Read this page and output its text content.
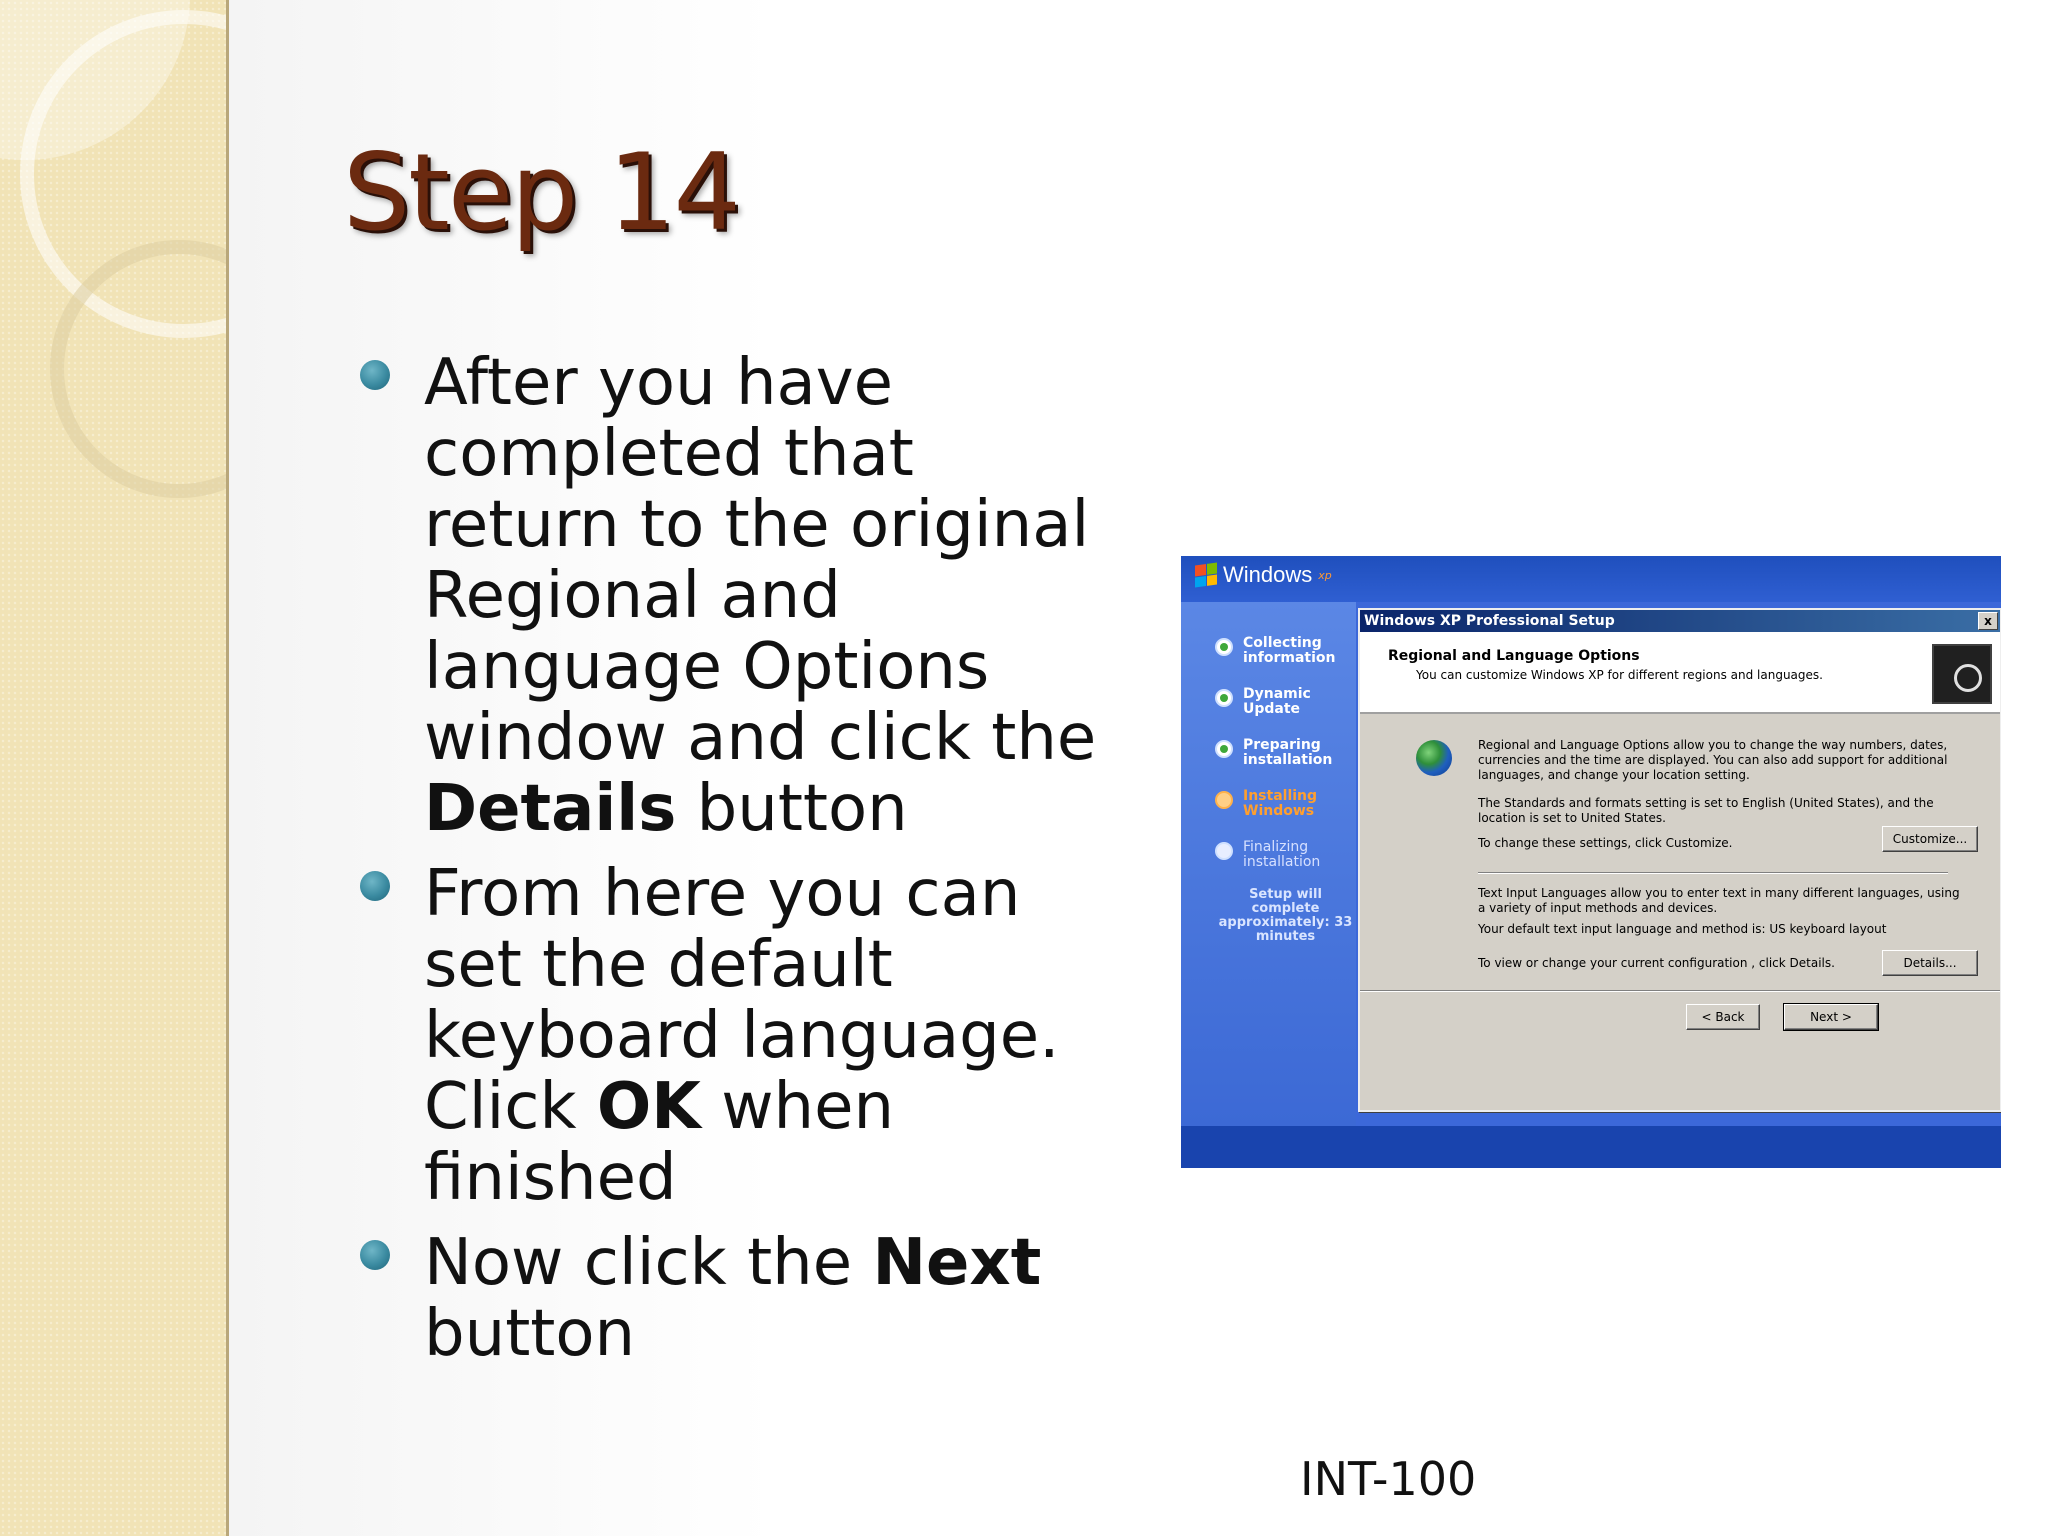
Step 14
After you have completed that return to the original Regional and language Options window and click the Details button
From here you can set the default keyboard language. Click OK when finished
Now click the Next button
Windows xp
Collecting information
Dynamic Update
Preparing installation
Installing Windows
Finalizing installation
Setup will complete approximately: 33 minutes
Windows XP Professional Setup	x
Regional and Language Options
You can customize Windows XP for different regions and languages.
Regional and Language Options allow you to change the way numbers, dates, currencies and the time are displayed. You can also add support for additional languages, and change your location setting.
The Standards and formats setting is set to English (United States), and the location is set to United States.
To change these settings, click Customize.	Customize...
Text Input Languages allow you to enter text in many different languages, using a variety of input methods and devices.
Your default text input language and method is: US keyboard layout
To view or change your current configuration , click Details.	Details...
< Back	Next >
INT-100
